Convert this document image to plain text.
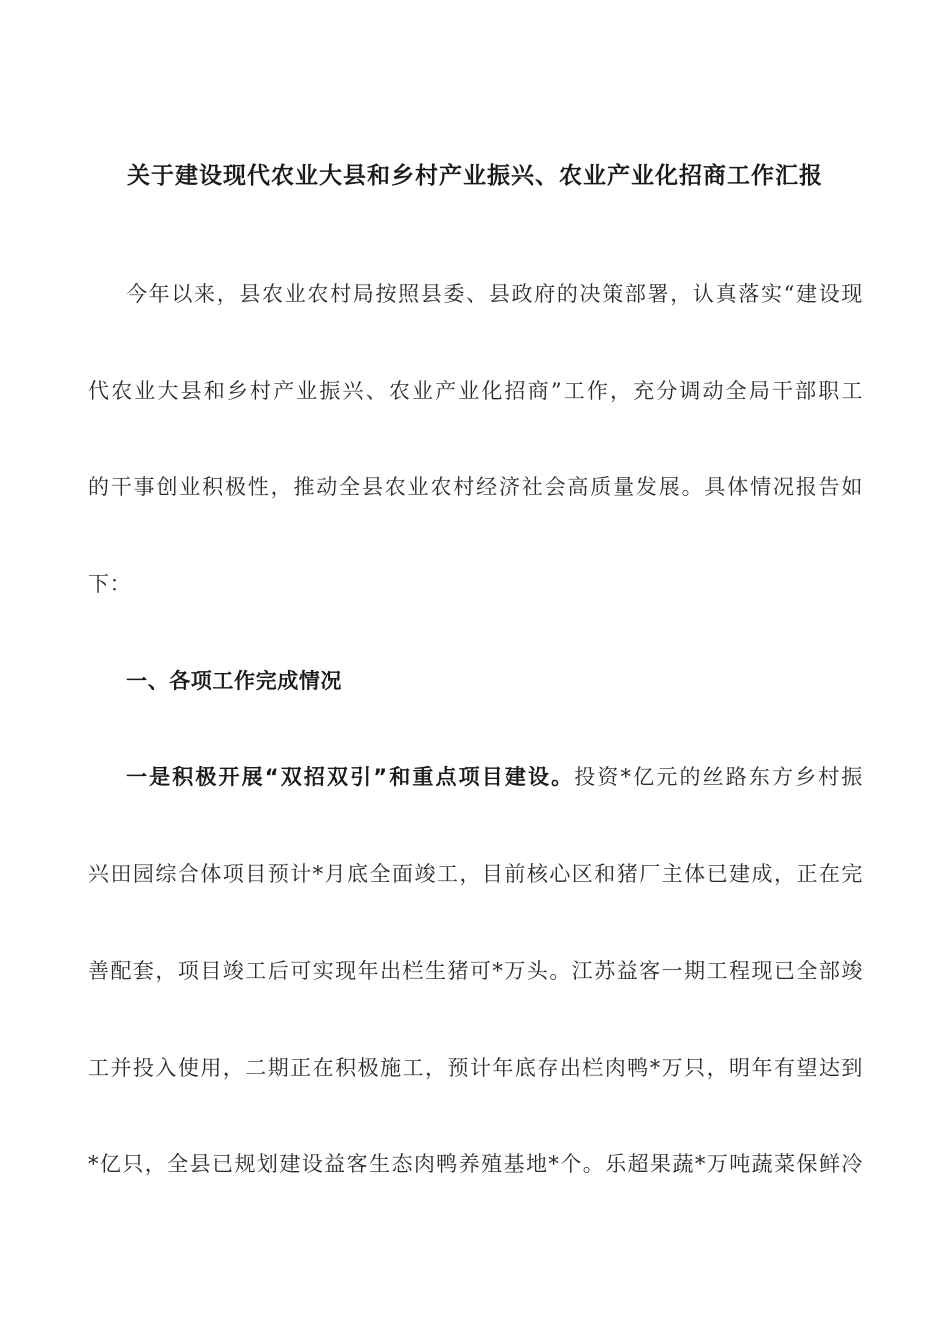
关于建设现代农业大县和乡村产业振兴、农业产业化招商工作汇报
今年以来，县农业农村局按照县委、县政府的决策部署，认真落实“建设现
代农业大县和乡村产业振兴、农业产业化招商”工作，充分调动全局干部职工
的干事创业积极性，推动全县农业农村经济社会高质量发展。具体情况报告如
下：
一、各项工作完成情况
一是积极开展“双招双引”和重点项目建设。投资*亿元的丝路东方乡村振
兴田园综合体项目预计*月底全面竣工，目前核心区和猪厂主体已建成，正在完
善配套，项目竣工后可实现年出栏生猪可*万头。江苏益客一期工程现已全部竣
工并投入使用，二期正在积极施工，预计年底存出栏肉鸭*万只，明年有望达到
*亿只，全县已规划建设益客生态肉鸭养殖基地*个。乐超果蔬*万吨蔬菜保鲜冷
